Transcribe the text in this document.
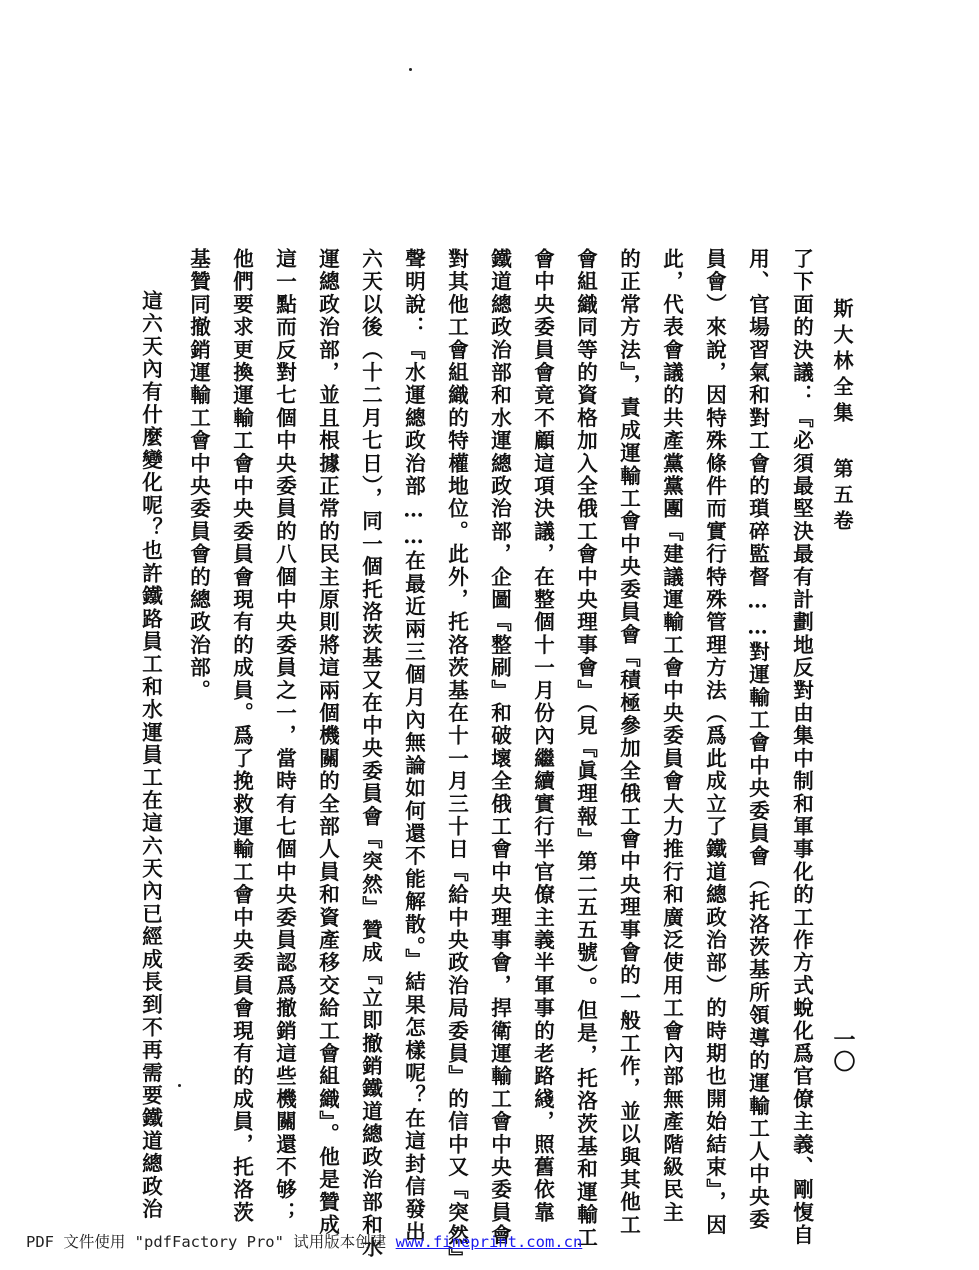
斯大林全集 第五卷
一〇
了下面的決議：『必須最堅決最有計劃地反對由集中制和軍事化的工作方式蛻化爲官僚主義、剛愎自
用、官場習氣和對工會的瑣碎監督……對運輸工會中央委員會（托洛茨基所領導的運輸工人中央委
員會）來說，因特殊條件而實行特殊管理方法（爲此成立了鐵道總政治部）的時期也開始結束』，因
此，代表會議的共產黨黨團『建議運輸工會中央委員會大力推行和廣泛使用工會內部無產階級民主
的正常方法』，責成運輸工會中央委員會『積極參加全俄工會中央理事會的一般工作，並以與其他工
會組織同等的資格加入全俄工會中央理事會』（見『眞理報』第二五五號）。但是，托洛茨基和運輸工
會中央委員會竟不顧這項決議，在整個十一月份內繼續實行半官僚主義半軍事的老路綫，照舊依靠
鐵道總政治部和水運總政治部，企圖『整刷』和破壞全俄工會中央理事會，捍衛運輸工會中央委員會
對其他工會組織的特權地位。此外，托洛茨基在十一月三十日『給中央政治局委員』的信中又『突然』
聲明說：『水運總政治部……在最近兩三個月內無論如何還不能解散。』結果怎樣呢？在這封信發出
六天以後（十二月七日），同一個托洛茨基又在中央委員會『突然』贊成『立即撤銷鐵道總政治部和水
運總政治部，並且根據正常的民主原則將這兩個機關的全部人員和資產移交給工會組織』。他是贊成
這一點而反對七個中央委員的八個中央委員之一，當時有七個中央委員認爲撤銷這些機關還不够；
他們要求更換運輸工會中央委員會現有的成員。爲了挽救運輸工會中央委員會現有的成員，托洛茨
基贊同撤銷運輸工會中央委員會的總政治部。
這六天內有什麼變化呢？也許鐵路員工和水運員工在這六天內已經成長到不再需要鐵道總政治
PDF 文件使用 "pdfFactory Pro" 试用版本创建 www.fineprint.com.cn
